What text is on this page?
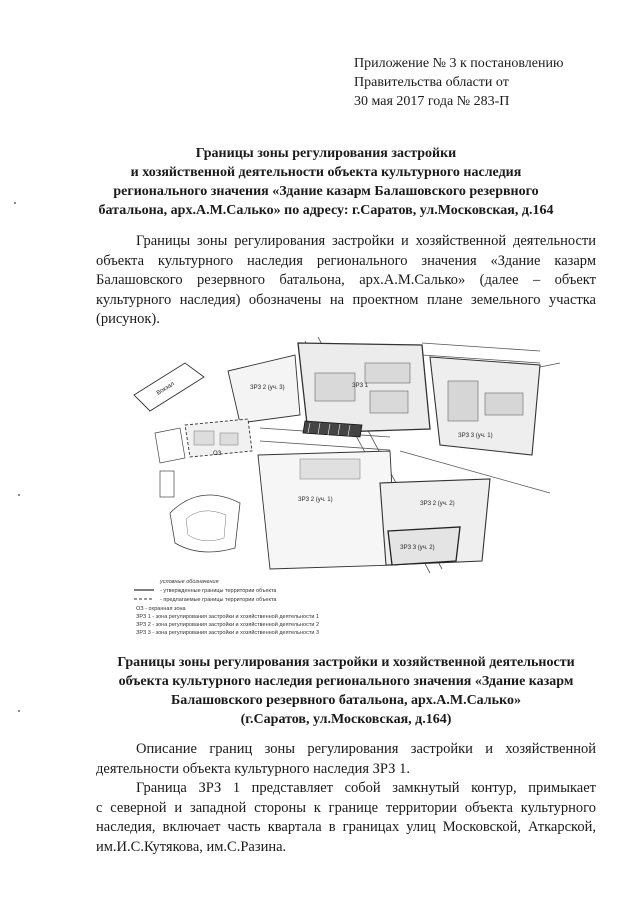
Приложение № 3 к постановлению
Правительства области от
30 мая 2017 года № 283-П
Границы зоны регулирования застройки
и хозяйственной деятельности объекта культурного наследия
регионального значения «Здание казарм Балашовского резервного
батальона, арх.А.М.Салько» по адресу: г.Саратов, ул.Московская, д.164
Границы зоны регулирования застройки и хозяйственной деятельности
объекта культурного наследия регионального значения «Здание казарм
Балашовского резервного батальона, арх.А.М.Салько» (далее – объект
культурного наследия) обозначены на проектном плане земельного участка
(рисунок).
ЗРЗ 2 (уч. 3)	ЗРЗ 1
ЗРЗ 3 (уч. 1)
ОЗ
ЗРЗ 2 (уч. 1)
ЗРЗ 2 (уч. 2)
ЗРЗ 3 (уч. 2)
Вокзал
условные обозначения
- утвержденные границы территории объекта
- предлагаемые границы территории объекта
ОЗ - охранная зона
ЗРЗ 1 - зона регулирования застройки и хозяйственной деятельности 1
ЗРЗ 2 - зона регулирования застройки и хозяйственной деятельности 2
ЗРЗ 3 - зона регулирования застройки и хозяйственной деятельности 3
Границы зоны регулирования застройки и хозяйственной деятельности
объекта культурного наследия регионального значения «Здание казарм
Балашовского резервного батальона, арх.А.М.Салько»
(г.Саратов, ул.Московская, д.164)
Описание границ зоны регулирования застройки и хозяйственной
деятельности объекта культурного наследия ЗРЗ 1.
Граница ЗРЗ 1 представляет собой замкнутый контур, примыкает
с северной и западной стороны к границе территории объекта культурного
наследия, включает часть квартала в границах улиц Московской, Аткарской,
им.И.С.Кутякова, им.С.Разина.
